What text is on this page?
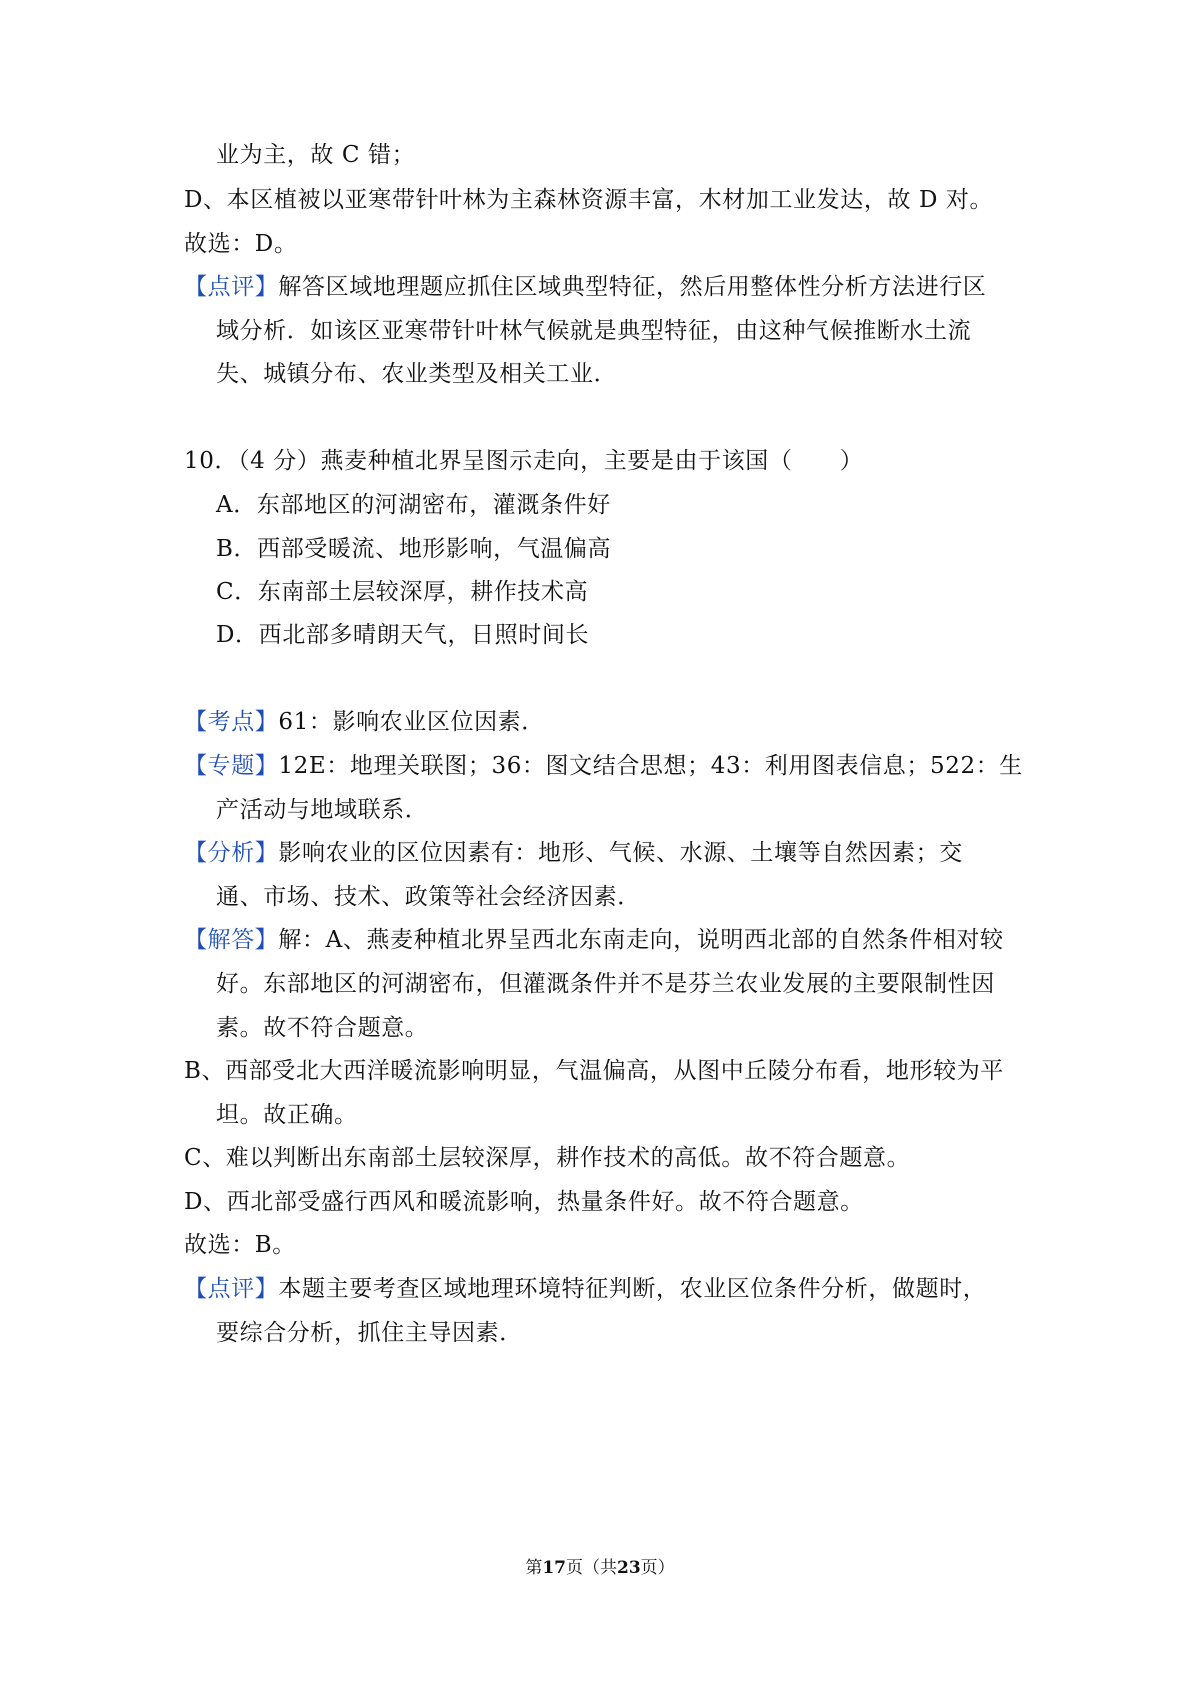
业为主，故 C 错；
D、本区植被以亚寒带针叶林为主森林资源丰富，木材加工业发达，故 D 对。
故选：D。
【点评】解答区域地理题应抓住区域典型特征，然后用整体性分析方法进行区
域分析．如该区亚寒带针叶林气候就是典型特征，由这种气候推断水土流
失、城镇分布、农业类型及相关工业．
10．（4 分）燕麦种植北界呈图示走向，主要是由于该国（　　）
A．东部地区的河湖密布，灌溉条件好
B．西部受暖流、地形影响，气温偏高
C．东南部土层较深厚，耕作技术高
D．西北部多晴朗天气，日照时间长
【考点】61：影响农业区位因素．
【专题】12E：地理关联图；36：图文结合思想；43：利用图表信息；522：生
产活动与地域联系．
【分析】影响农业的区位因素有：地形、气候、水源、土壤等自然因素；交
通、市场、技术、政策等社会经济因素．
【解答】解：A、燕麦种植北界呈西北东南走向，说明西北部的自然条件相对较
好。东部地区的河湖密布，但灌溉条件并不是芬兰农业发展的主要限制性因
素。故不符合题意。
B、西部受北大西洋暖流影响明显，气温偏高，从图中丘陵分布看，地形较为平
坦。故正确。
C、难以判断出东南部土层较深厚，耕作技术的高低。故不符合题意。
D、西北部受盛行西风和暖流影响，热量条件好。故不符合题意。
故选：B。
【点评】本题主要考查区域地理环境特征判断，农业区位条件分析，做题时，
要综合分析，抓住主导因素．
第17页（共23页）
